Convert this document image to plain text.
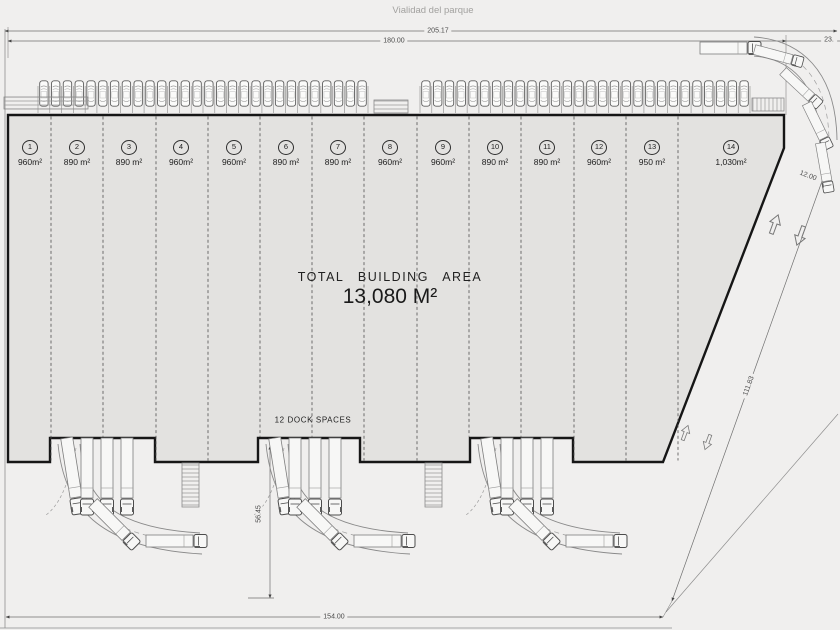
Vialidad del parque
205.17
180.00	23.
154.00
56.45
111.83
12.00
TOTAL BUILDING AREA
13,080 M²
12 DOCK SPACES
1
960m²
2
890 m²
3
890 m²
4
960m²
5
960m²
6
890 m²
7
890 m²
8
960m²
9
960m²
10
890 m²
11
890 m²
12
960m²
13
950 m²
14
1,030m²
